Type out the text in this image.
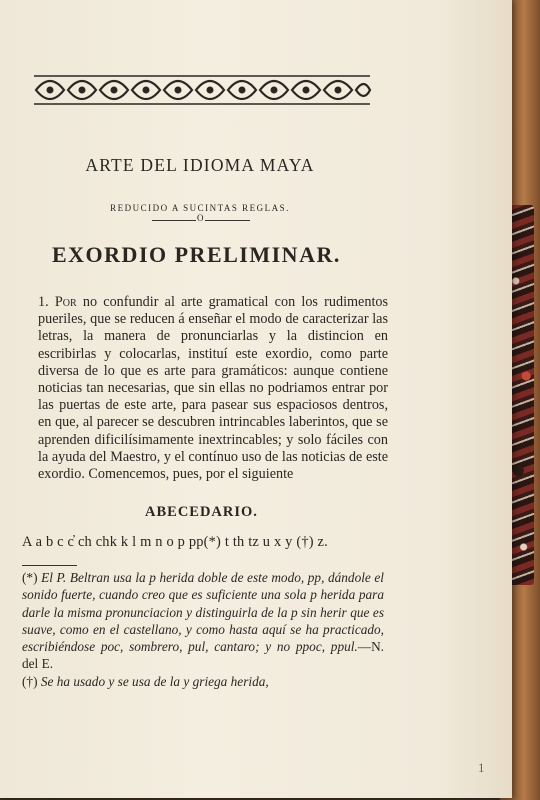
ARTE DEL IDIOMA MAYA
REDUCIDO A SUCINTAS REGLAS.
O
EXORDIO PRELIMINAR.
1. Por no confundir al arte gramatical con los rudimentos pueriles, que se reducen á enseñar el modo de caracterizar las letras, la manera de pronunciarlas y la distincion en escribirlas y colocarlas, instituí este exordio, como parte diversa de lo que es arte para gramáticos: aunque contiene noticias tan necesarias, que sin ellas no podriamos entrar por las puertas de este arte, para pasear sus espaciosos dentros, en que, al parecer se descubren intrincables laberintos, que se aprenden dificilísimamente inextrincables; y solo fáciles con la ayuda del Maestro, y el contínuo uso de las noticias de este exordio. Comencemos, pues, por el siguiente
ABECEDARIO.
A a b c c̓ ch chk k l m n o p pp(*) t th tz u x y (†) z.

(*) El P. Beltran usa la p herida doble de este modo, pp, dándole el sonido fuerte, cuando creo que es suficiente una sola p herida para darle la misma pronunciacion y distinguirla de la p sin herir que es suave, como en el castellano, y como hasta aquí se ha practicado, escribiéndose poc, sombrero, pul, cantaro; y no ppoc, ppul.—N. del E.

(†) Se ha usado y se usa de la y griega herida,

1
